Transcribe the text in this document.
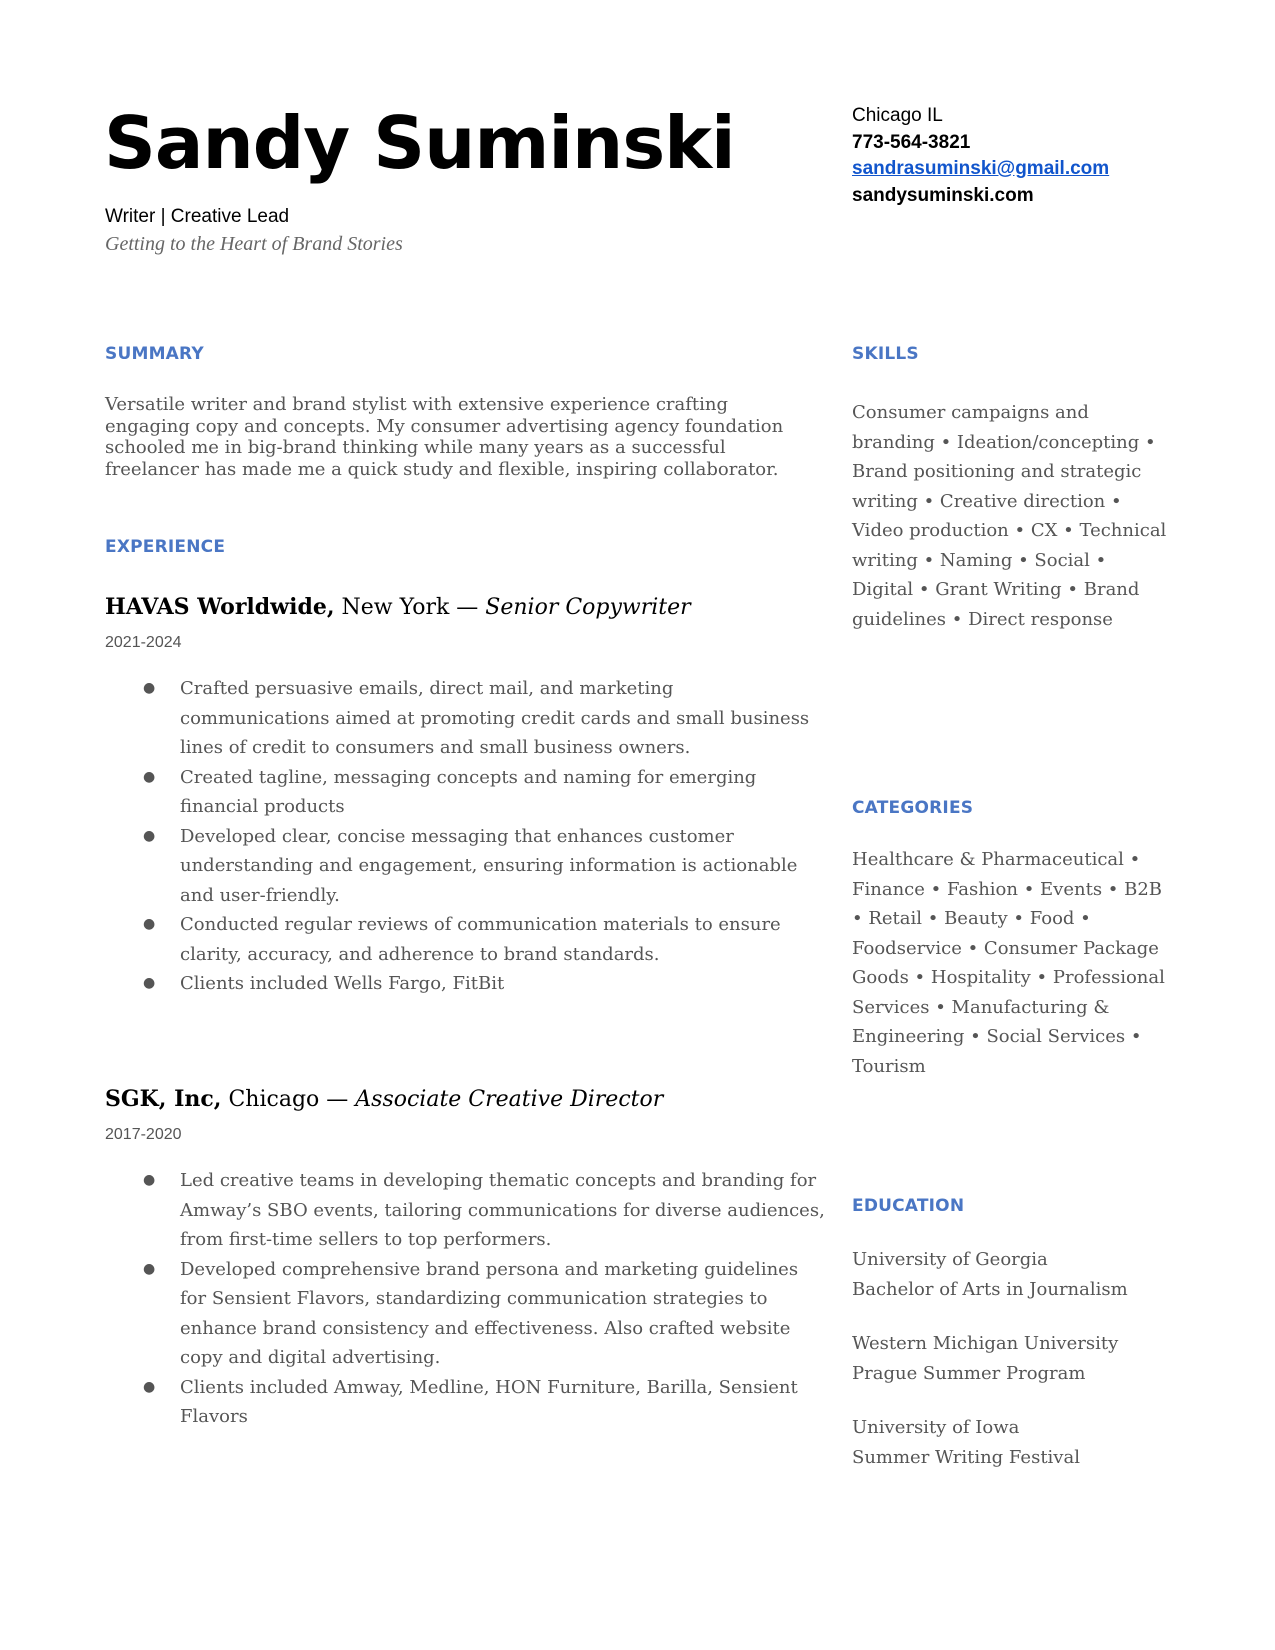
Sandy Suminski
Writer | Creative Lead
Getting to the Heart of Brand Stories
Chicago IL
773-564-3821
sandrasuminski@gmail.com
sandysuminski.com
SUMMARY
Versatile writer and brand stylist with extensive experience crafting engaging copy and concepts. My consumer advertising agency foundation schooled me in big-brand thinking while many years as a successful freelancer has made me a quick study and flexible, inspiring collaborator.
EXPERIENCE
HAVAS Worldwide, New York — Senior Copywriter
2021-2024
● Crafted persuasive emails, direct mail, and marketing communications aimed at promoting credit cards and small business lines of credit to consumers and small business owners.
● Created tagline, messaging concepts and naming for emerging financial products
● Developed clear, concise messaging that enhances customer understanding and engagement, ensuring information is actionable and user-friendly.
● Conducted regular reviews of communication materials to ensure clarity, accuracy, and adherence to brand standards.
● Clients included Wells Fargo, FitBit
SGK, Inc, Chicago — Associate Creative Director
2017-2020
● Led creative teams in developing thematic concepts and branding for Amway’s SBO events, tailoring communications for diverse audiences, from first-time sellers to top performers.
● Developed comprehensive brand persona and marketing guidelines for Sensient Flavors, standardizing communication strategies to enhance brand consistency and effectiveness. Also crafted website copy and digital advertising.
● Clients included Amway, Medline, HON Furniture, Barilla, Sensient Flavors
SKILLS
Consumer campaigns and branding • Ideation/concepting • Brand positioning and strategic writing • Creative direction • Video production • CX • Technical writing • Naming • Social • Digital • Grant Writing • Brand guidelines • Direct response
CATEGORIES
Healthcare & Pharmaceutical • Finance • Fashion • Events • B2B • Retail • Beauty • Food • Foodservice • Consumer Package Goods • Hospitality • Professional Services • Manufacturing & Engineering • Social Services • Tourism
EDUCATION
University of Georgia
Bachelor of Arts in Journalism
Western Michigan University
Prague Summer Program
University of Iowa
Summer Writing Festival
